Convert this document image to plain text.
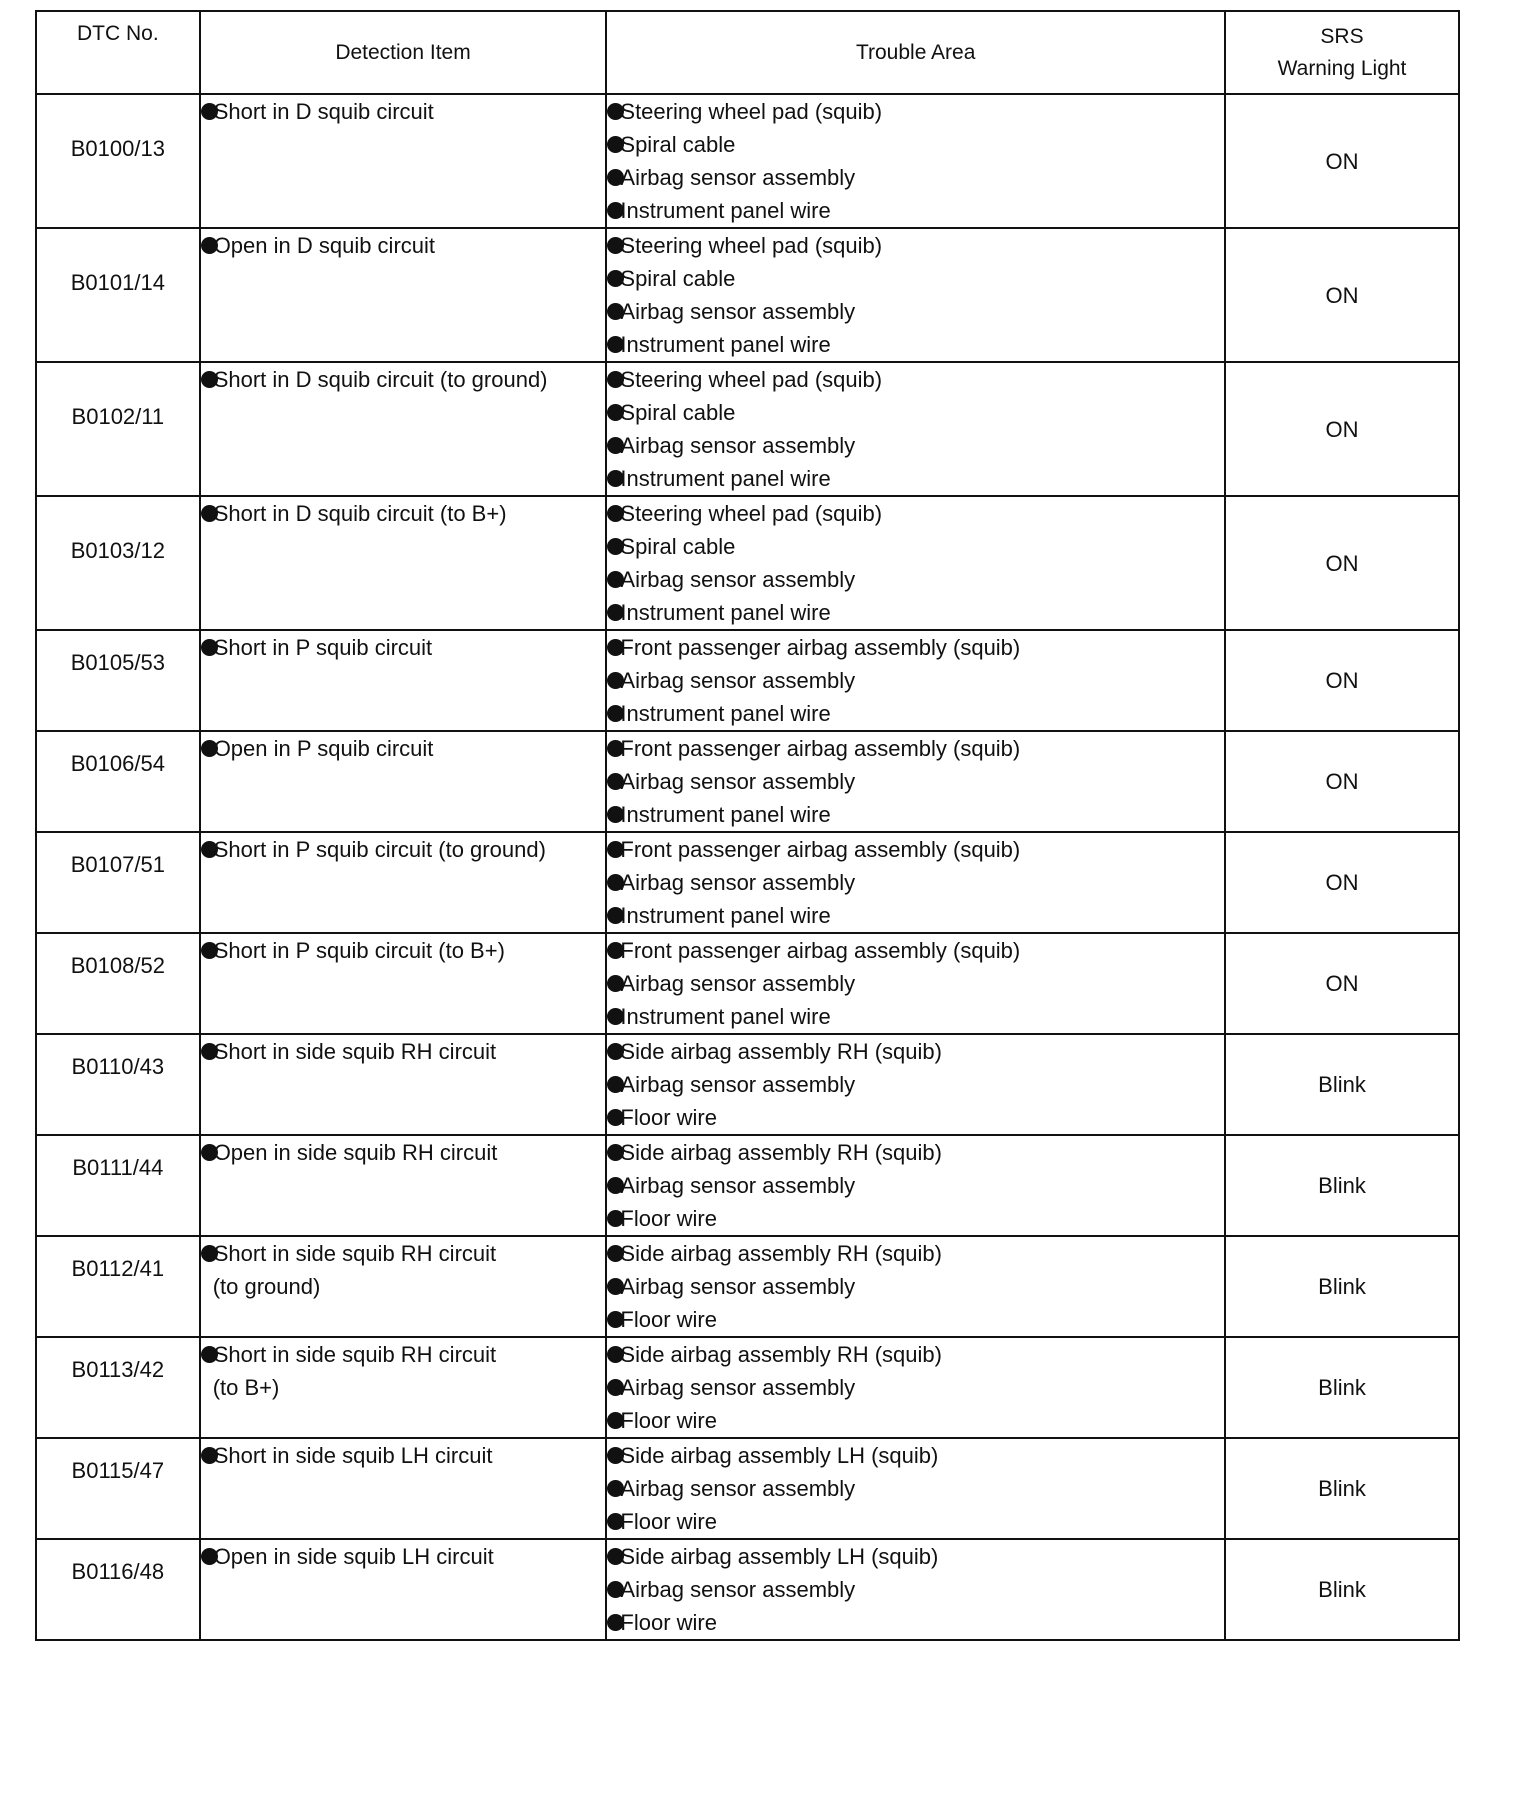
DTC No.	Detection Item	Trouble Area	SRS
Warning Light

B0100/13	Short in D squib circuit	Steering wheel pad (squib)
Spiral cable
Airbag sensor assembly
Instrument panel wire	ON
B0101/14	Open in D squib circuit	Steering wheel pad (squib)
Spiral cable
Airbag sensor assembly
Instrument panel wire	ON
B0102/11	Short in D squib circuit (to ground)	Steering wheel pad (squib)
Spiral cable
Airbag sensor assembly
Instrument panel wire	ON
B0103/12	Short in D squib circuit (to B+)	Steering wheel pad (squib)
Spiral cable
Airbag sensor assembly
Instrument panel wire	ON
B0105/53	Short in P squib circuit	Front passenger airbag assembly (squib)
Airbag sensor assembly
Instrument panel wire	ON
B0106/54	Open in P squib circuit	Front passenger airbag assembly (squib)
Airbag sensor assembly
Instrument panel wire	ON
B0107/51	Short in P squib circuit (to ground)	Front passenger airbag assembly (squib)
Airbag sensor assembly
Instrument panel wire	ON
B0108/52	Short in P squib circuit (to B+)	Front passenger airbag assembly (squib)
Airbag sensor assembly
Instrument panel wire	ON
B0110/43	Short in side squib RH circuit	Side airbag assembly RH (squib)
Airbag sensor assembly
Floor wire	Blink
B0111/44	Open in side squib RH circuit	Side airbag assembly RH (squib)
Airbag sensor assembly
Floor wire	Blink
B0112/41	Short in side squib RH circuit
(to ground)	Side airbag assembly RH (squib)
Airbag sensor assembly
Floor wire	Blink
B0113/42	Short in side squib RH circuit
(to B+)	Side airbag assembly RH (squib)
Airbag sensor assembly
Floor wire	Blink
B0115/47	Short in side squib LH circuit	Side airbag assembly LH (squib)
Airbag sensor assembly
Floor wire	Blink
B0116/48	Open in side squib LH circuit	Side airbag assembly LH (squib)
Airbag sensor assembly
Floor wire	Blink
